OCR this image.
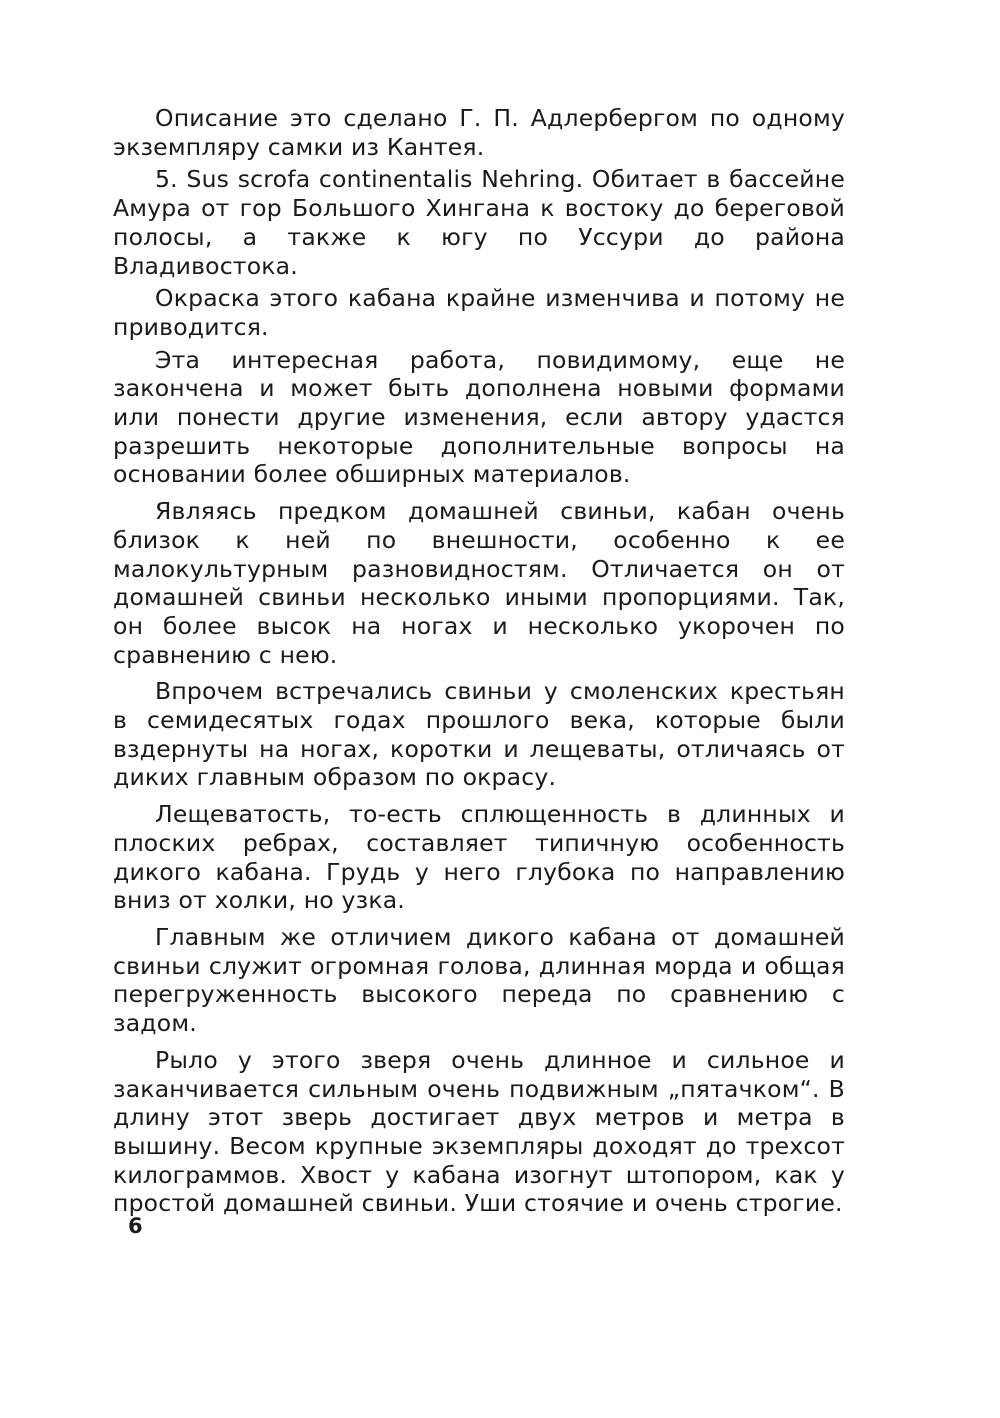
Описание это сделано Г. П. Адлербергом по одному экземпляру самки из Кантея.

5. Sus scrofa continentalis Nehring. Обитает в бассейне Амура от гор Большого Хингана к востоку до береговой полосы, а также к югу по Уссури до района Владивостока.

Окраска этого кабана крайне изменчива и потому не приводится.

Эта интересная работа, повидимому, еще не закончена и может быть дополнена новыми формами или понести другие изменения, если автору удастся разрешить некоторые дополнительные вопросы на основании более обширных материалов.

Являясь предком домашней свиньи, кабан очень близок к ней по внешности, особенно к ее малокультурным разновидностям. Отличается он от домашней свиньи несколько иными пропорциями. Так, он более высок на ногах и несколько укорочен по сравнению с нею.

Впрочем встречались свиньи у смоленских крестьян в семидесятых годах прошлого века, которые были вздернуты на ногах, коротки и лещеваты, отличаясь от диких главным образом по окрасу.

Лещеватость, то-есть сплющенность в длинных и плоских ребрах, составляет типичную особенность дикого кабана. Грудь у него глубока по направлению вниз от холки, но узка.

Главным же отличием дикого кабана от домашней свиньи служит огромная голова, длинная морда и общая перегруженность высокого переда по сравнению с задом.

Рыло у этого зверя очень длинное и сильное и заканчивается сильным очень подвижным „пятачком“. В длину этот зверь достигает двух метров и метра в вышину. Весом крупные экземпляры доходят до трехсот килограммов. Хвост у кабана изогнут штопором, как у простой домашней свиньи. Уши стоячие и очень строгие.

6
